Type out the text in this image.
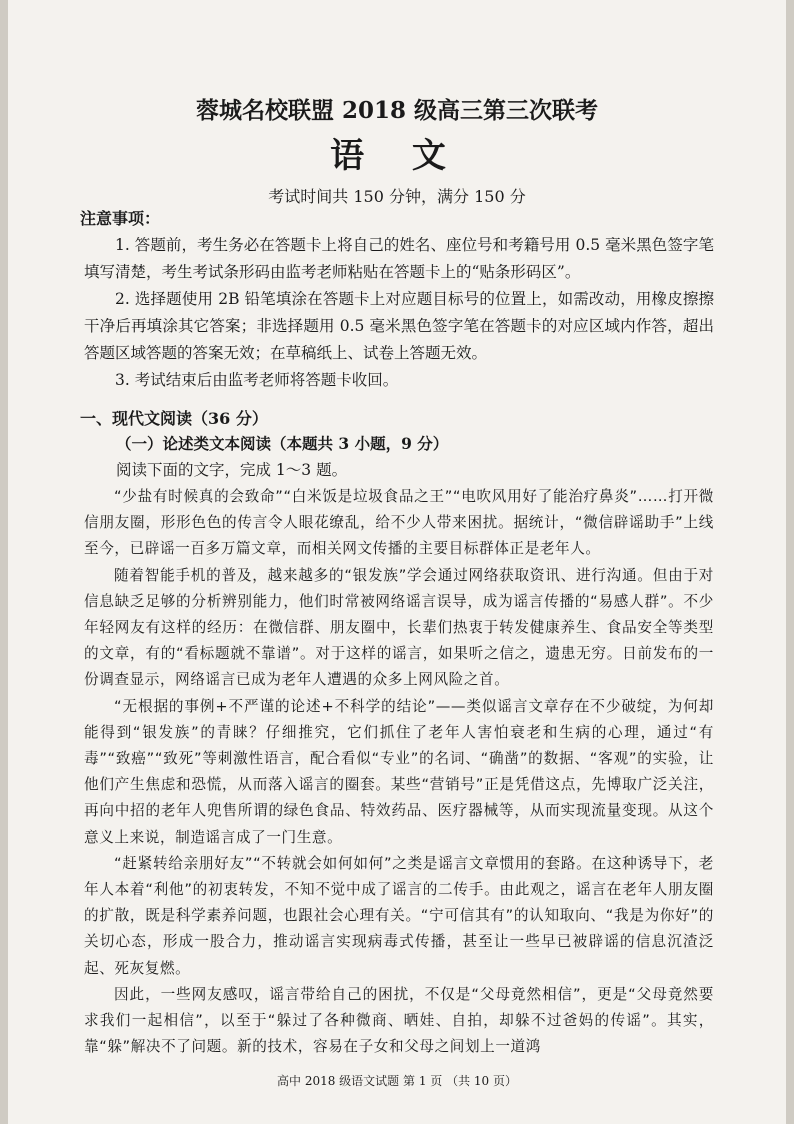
蓉城名校联盟 2018 级高三第三次联考
语 文
考试时间共 150 分钟，满分 150 分
注意事项：

1. 答题前，考生务必在答题卡上将自己的姓名、座位号和考籍号用 0.5 毫米黑色签字笔填写清楚，考生考试条形码由监考老师粘贴在答题卡上的“贴条形码区”。

2. 选择题使用 2B 铅笔填涂在答题卡上对应题目标号的位置上，如需改动，用橡皮擦擦干净后再填涂其它答案；非选择题用 0.5 毫米黑色签字笔在答题卡的对应区域内作答，超出答题区域答题的答案无效；在草稿纸上、试卷上答题无效。

3. 考试结束后由监考老师将答题卡收回。

一、现代文阅读（36 分）
（一）论述类文本阅读（本题共 3 小题，9 分）
阅读下面的文字，完成 1～3 题。

“少盐有时候真的会致命”“白米饭是垃圾食品之王”“电吹风用好了能治疗鼻炎”……打开微信朋友圈，形形色色的传言令人眼花缭乱，给不少人带来困扰。据统计，“微信辟谣助手”上线至今，已辟谣一百多万篇文章，而相关网文传播的主要目标群体正是老年人。

随着智能手机的普及，越来越多的“银发族”学会通过网络获取资讯、进行沟通。但由于对信息缺乏足够的分析辨别能力，他们时常被网络谣言误导，成为谣言传播的“易感人群”。不少年轻网友有这样的经历：在微信群、朋友圈中，长辈们热衷于转发健康养生、食品安全等类型的文章，有的“看标题就不靠谱”。对于这样的谣言，如果听之信之，遗患无穷。日前发布的一份调查显示，网络谣言已成为老年人遭遇的众多上网风险之首。

“无根据的事例+不严谨的论述+不科学的结论”——类似谣言文章存在不少破绽，为何却能得到“银发族”的青睐？仔细推究，它们抓住了老年人害怕衰老和生病的心理，通过“有毒”“致癌”“致死”等刺激性语言，配合看似“专业”的名词、“确凿”的数据、“客观”的实验，让他们产生焦虑和恐慌，从而落入谣言的圈套。某些“营销号”正是凭借这点，先博取广泛关注，再向中招的老年人兜售所谓的绿色食品、特效药品、医疗器械等，从而实现流量变现。从这个意义上来说，制造谣言成了一门生意。

“赶紧转给亲朋好友”“不转就会如何如何”之类是谣言文章惯用的套路。在这种诱导下，老年人本着“利他”的初衷转发，不知不觉中成了谣言的二传手。由此观之，谣言在老年人朋友圈的扩散，既是科学素养问题，也跟社会心理有关。“宁可信其有”的认知取向、“我是为你好”的关切心态，形成一股合力，推动谣言实现病毒式传播，甚至让一些早已被辟谣的信息沉渣泛起、死灰复燃。

因此，一些网友感叹，谣言带给自己的困扰，不仅是“父母竟然相信”，更是“父母竟然要求我们一起相信”，以至于“躲过了各种微商、晒娃、自拍，却躲不过爸妈的传谣”。其实，靠“躲”解决不了问题。新的技术，容易在子女和父母之间划上一道鸿

高中 2018 级语文试题 第 1 页 （共 10 页）
